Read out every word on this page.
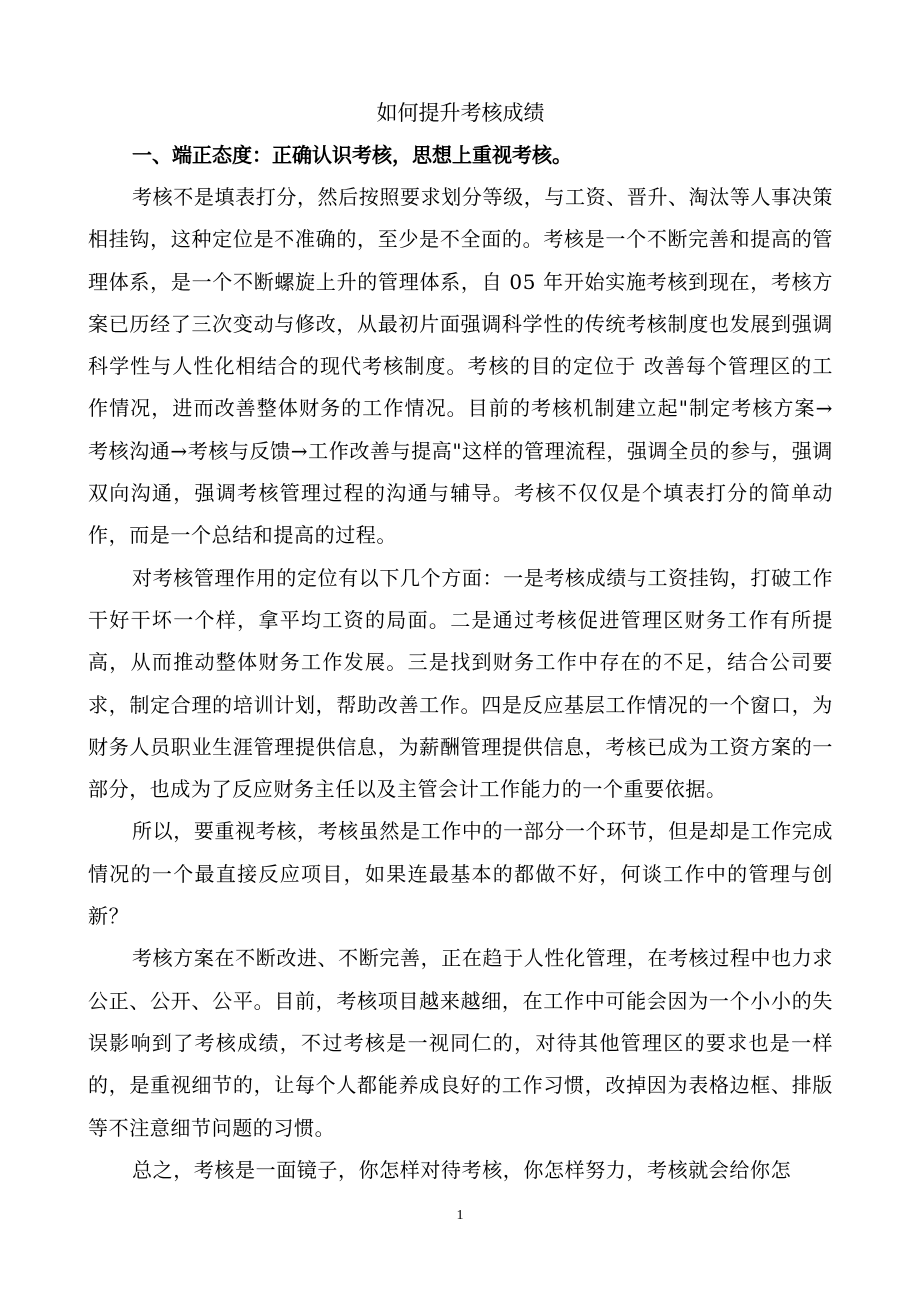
如何提升考核成绩

一、端正态度：正确认识考核，思想上重视考核。

考核不是填表打分，然后按照要求划分等级，与工资、晋升、淘汰等人事决策相挂钩，这种定位是不准确的，至少是不全面的。考核是一个不断完善和提高的管理体系，是一个不断螺旋上升的管理体系，自 05 年开始实施考核到现在，考核方案已历经了三次变动与修改，从最初片面强调科学性的传统考核制度也发展到强调科学性与人性化相结合的现代考核制度。考核的目的定位于 改善每个管理区的工作情况，进而改善整体财务的工作情况。目前的考核机制建立起"制定考核方案→考核沟通→考核与反馈→工作改善与提高"这样的管理流程，强调全员的参与，强调双向沟通，强调考核管理过程的沟通与辅导。考核不仅仅是个填表打分的简单动作，而是一个总结和提高的过程。

对考核管理作用的定位有以下几个方面：一是考核成绩与工资挂钩，打破工作干好干坏一个样，拿平均工资的局面。二是通过考核促进管理区财务工作有所提高，从而推动整体财务工作发展。三是找到财务工作中存在的不足，结合公司要求，制定合理的培训计划，帮助改善工作。四是反应基层工作情况的一个窗口，为财务人员职业生涯管理提供信息，为薪酬管理提供信息，考核已成为工资方案的一部分，也成为了反应财务主任以及主管会计工作能力的一个重要依据。

所以，要重视考核，考核虽然是工作中的一部分一个环节，但是却是工作完成情况的一个最直接反应项目，如果连最基本的都做不好，何谈工作中的管理与创新？

考核方案在不断改进、不断完善，正在趋于人性化管理，在考核过程中也力求公正、公开、公平。目前，考核项目越来越细，在工作中可能会因为一个小小的失误影响到了考核成绩，不过考核是一视同仁的，对待其他管理区的要求也是一样的，是重视细节的，让每个人都能养成良好的工作习惯，改掉因为表格边框、排版等不注意细节问题的习惯。

总之，考核是一面镜子，你怎样对待考核，你怎样努力，考核就会给你怎

1
